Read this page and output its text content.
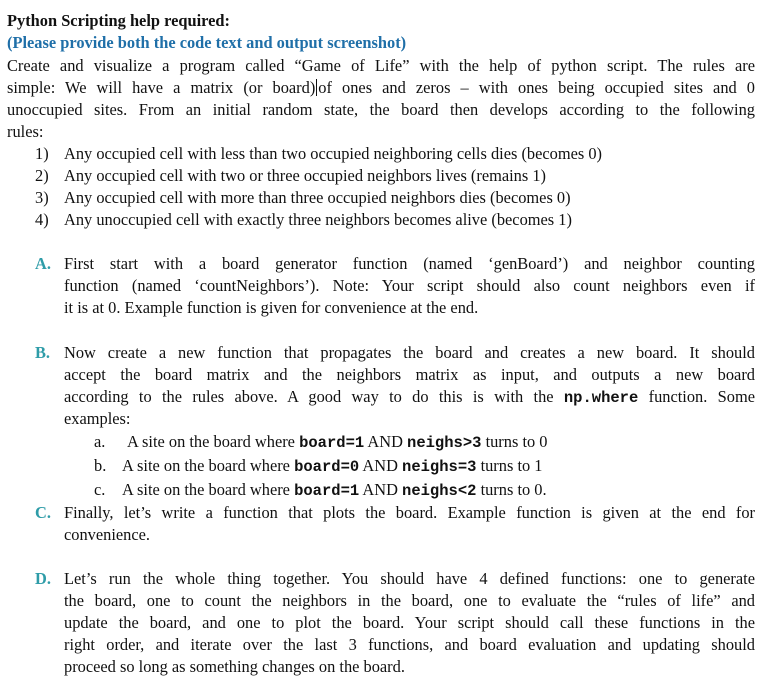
Python Scripting help required:
(Please provide both the code text and output screenshot)
Create and visualize a program called “Game of Life” with the help of python script. The rules are
simple: We will have a matrix (or board) of ones and zeros – with ones being occupied sites and 0
unoccupied sites. From an initial random state, the board then develops according to the following
rules:
1) Any occupied cell with less than two occupied neighboring cells dies (becomes 0)
2) Any occupied cell with two or three occupied neighbors lives (remains 1)
3) Any occupied cell with more than three occupied neighbors dies (becomes 0)
4) Any unoccupied cell with exactly three neighbors becomes alive (becomes 1)
A. First start with a board generator function (named ‘genBoard’) and neighbor counting
function (named ‘countNeighbors’). Note: Your script should also count neighbors even if
it is at 0. Example function is given for convenience at the end.
B. Now create a new function that propagates the board and creates a new board. It should
accept the board matrix and the neighbors matrix as input, and outputs a new board
according to the rules above. A good way to do this is with the np.where function. Some
examples:
a. A site on the board where board=1 AND neighs>3 turns to 0
b. A site on the board where board=0 AND neighs=3 turns to 1
c. A site on the board where board=1 AND neighs<2 turns to 0.
C. Finally, let’s write a function that plots the board. Example function is given at the end for
convenience.
D. Let’s run the whole thing together. You should have 4 defined functions: one to generate
the board, one to count the neighbors in the board, one to evaluate the “rules of life” and
update the board, and one to plot the board. Your script should call these functions in the
right order, and iterate over the last 3 functions, and board evaluation and updating should
proceed so long as something changes on the board.
